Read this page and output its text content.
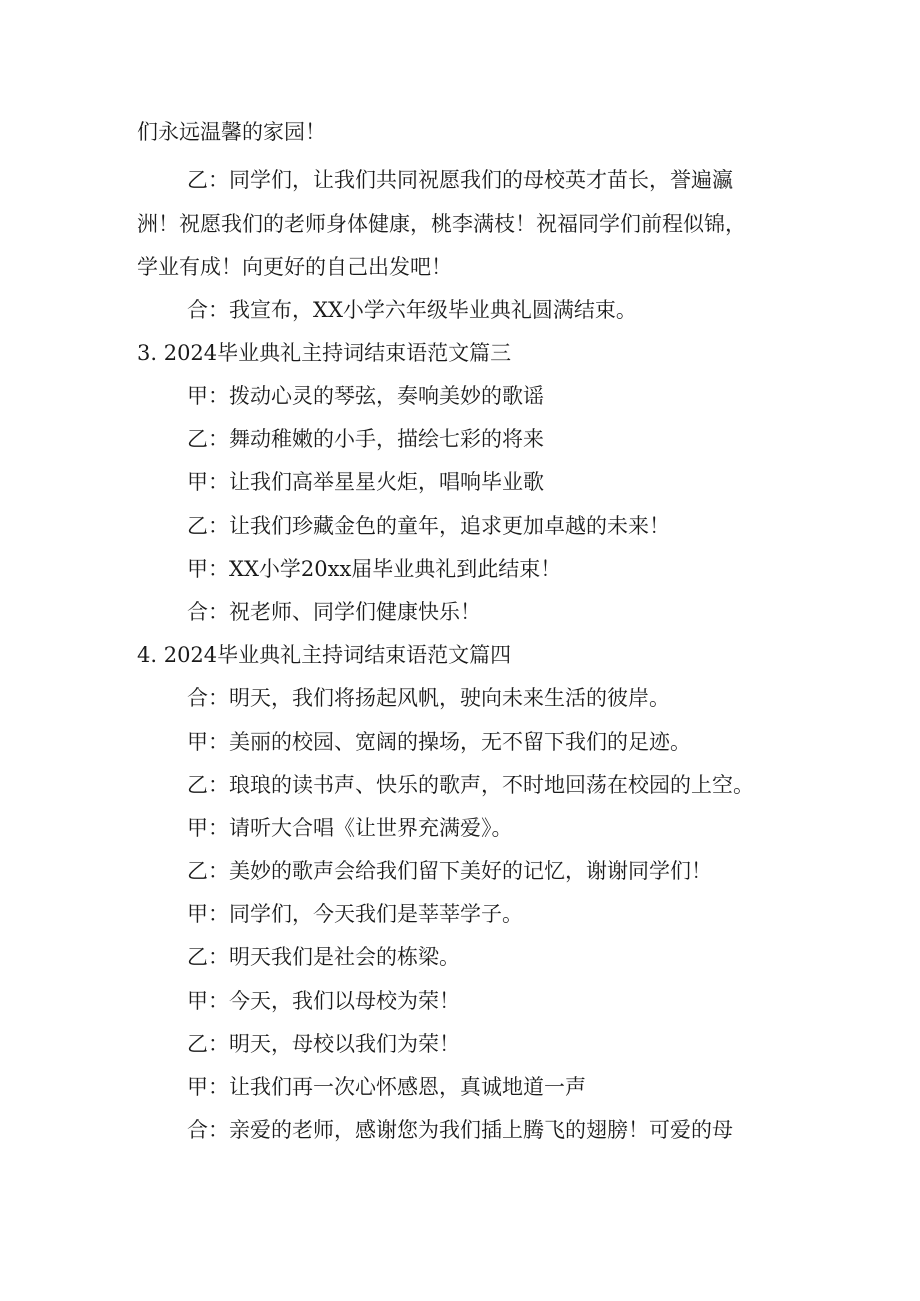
们永远温馨的家园！
乙：同学们，让我们共同祝愿我们的母校英才苗长，誉遍瀛
洲！祝愿我们的老师身体健康，桃李满枝！祝福同学们前程似锦，
学业有成！向更好的自己出发吧！
合：我宣布，XX小学六年级毕业典礼圆满结束。
3. 2024毕业典礼主持词结束语范文篇三
甲：拨动心灵的琴弦，奏响美妙的歌谣
乙：舞动稚嫩的小手，描绘七彩的将来
甲：让我们高举星星火炬，唱响毕业歌
乙：让我们珍藏金色的童年，追求更加卓越的未来！
甲：XX小学20xx届毕业典礼到此结束！
合：祝老师、同学们健康快乐！
4. 2024毕业典礼主持词结束语范文篇四
合：明天，我们将扬起风帆，驶向未来生活的彼岸。
甲：美丽的校园、宽阔的操场，无不留下我们的足迹。
乙：琅琅的读书声、快乐的歌声，不时地回荡在校园的上空。
甲：请听大合唱《让世界充满爱》。
乙：美妙的歌声会给我们留下美好的记忆，谢谢同学们！
甲：同学们，今天我们是莘莘学子。
乙：明天我们是社会的栋梁。
甲：今天，我们以母校为荣！
乙：明天，母校以我们为荣！
甲：让我们再一次心怀感恩，真诚地道一声
合：亲爱的老师，感谢您为我们插上腾飞的翅膀！可爱的母
